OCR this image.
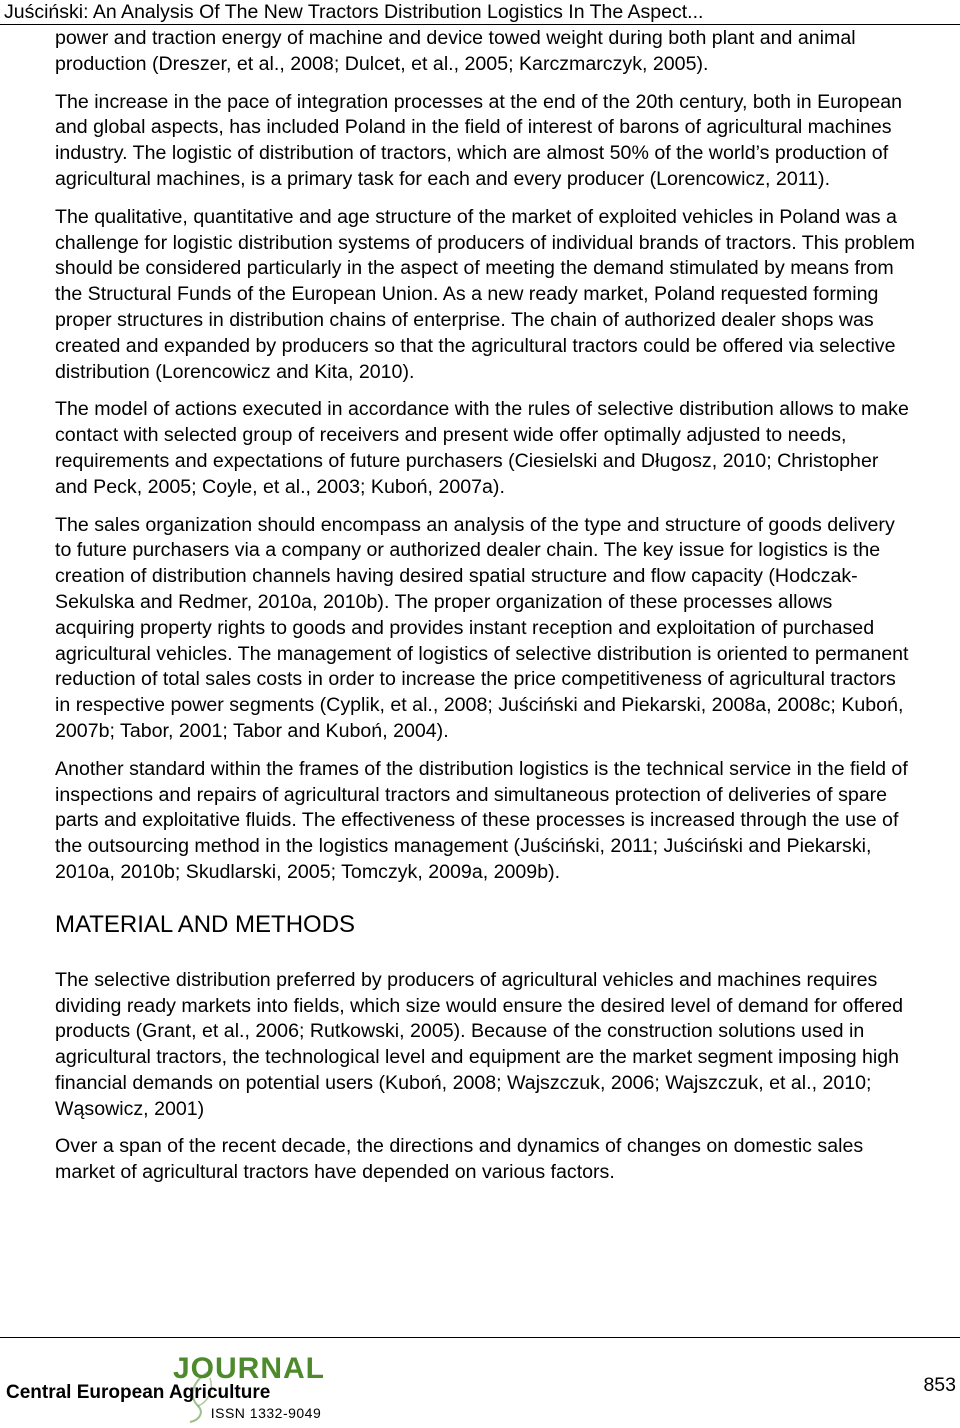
Juściński: An Analysis Of The New Tractors Distribution Logistics In The Aspect...

power and traction energy of machine and device towed weight during both plant and animal production (Dreszer, et al., 2008; Dulcet, et al., 2005; Karczmarczyk, 2005).

The increase in the pace of integration processes at the end of the 20th century, both in European and global aspects, has included Poland in the field of interest of barons of agricultural machines industry. The logistic of distribution of tractors, which are almost 50% of the world’s production of agricultural machines, is a primary task for each and every producer (Lorencowicz, 2011).

The qualitative, quantitative and age structure of the market of exploited vehicles in Poland was a challenge for logistic distribution systems of producers of individual brands of tractors. This problem should be considered particularly in the aspect of meeting the demand stimulated by means from the Structural Funds of the European Union. As a new ready market, Poland requested forming proper structures in distribution chains of enterprise. The chain of authorized dealer shops was created and expanded by producers so that the agricultural tractors could be offered via selective distribution (Lorencowicz and Kita, 2010).

The model of actions executed in accordance with the rules of selective distribution allows to make contact with selected group of receivers and present wide offer optimally adjusted to needs, requirements and expectations of future purchasers (Ciesielski and Długosz, 2010; Christopher and Peck, 2005; Coyle, et al., 2003; Kuboń, 2007a).

The sales organization should encompass an analysis of the type and structure of goods delivery to future purchasers via a company or authorized dealer chain. The key issue for logistics is the creation of distribution channels having desired spatial structure and flow capacity (Hodczak-Sekulska and Redmer, 2010a, 2010b). The proper organization of these processes allows acquiring property rights to goods and provides instant reception and exploitation of purchased agricultural vehicles. The management of logistics of selective distribution is oriented to permanent reduction of total sales costs in order to increase the price competitiveness of agricultural tractors in respective power segments (Cyplik, et al., 2008; Juściński and Piekarski, 2008a, 2008c; Kuboń, 2007b; Tabor, 2001; Tabor and Kuboń, 2004).

Another standard within the frames of the distribution logistics is the technical service in the field of inspections and repairs of agricultural tractors and simultaneous protection of deliveries of spare parts and exploitative fluids. The effectiveness of these processes is increased through the use of the outsourcing method in the logistics management (Juściński, 2011; Juściński and Piekarski, 2010a, 2010b; Skudlarski, 2005; Tomczyk, 2009a, 2009b).

MATERIAL AND METHODS

The selective distribution preferred by producers of agricultural vehicles and machines requires dividing ready markets into fields, which size would ensure the desired level of demand for offered products (Grant, et al., 2006; Rutkowski, 2005). Because of the construction solutions used in agricultural tractors, the technological level and equipment are the market segment imposing high financial demands on potential users (Kuboń, 2008; Wajszczuk, 2006; Wajszczuk, et al., 2010; Wąsowicz, 2001)

Over a span of the recent decade, the directions and dynamics of changes on domestic sales market of agricultural tractors have depended on various factors.

JOURNAL
Central European Agriculture
ISSN 1332-9049
853
